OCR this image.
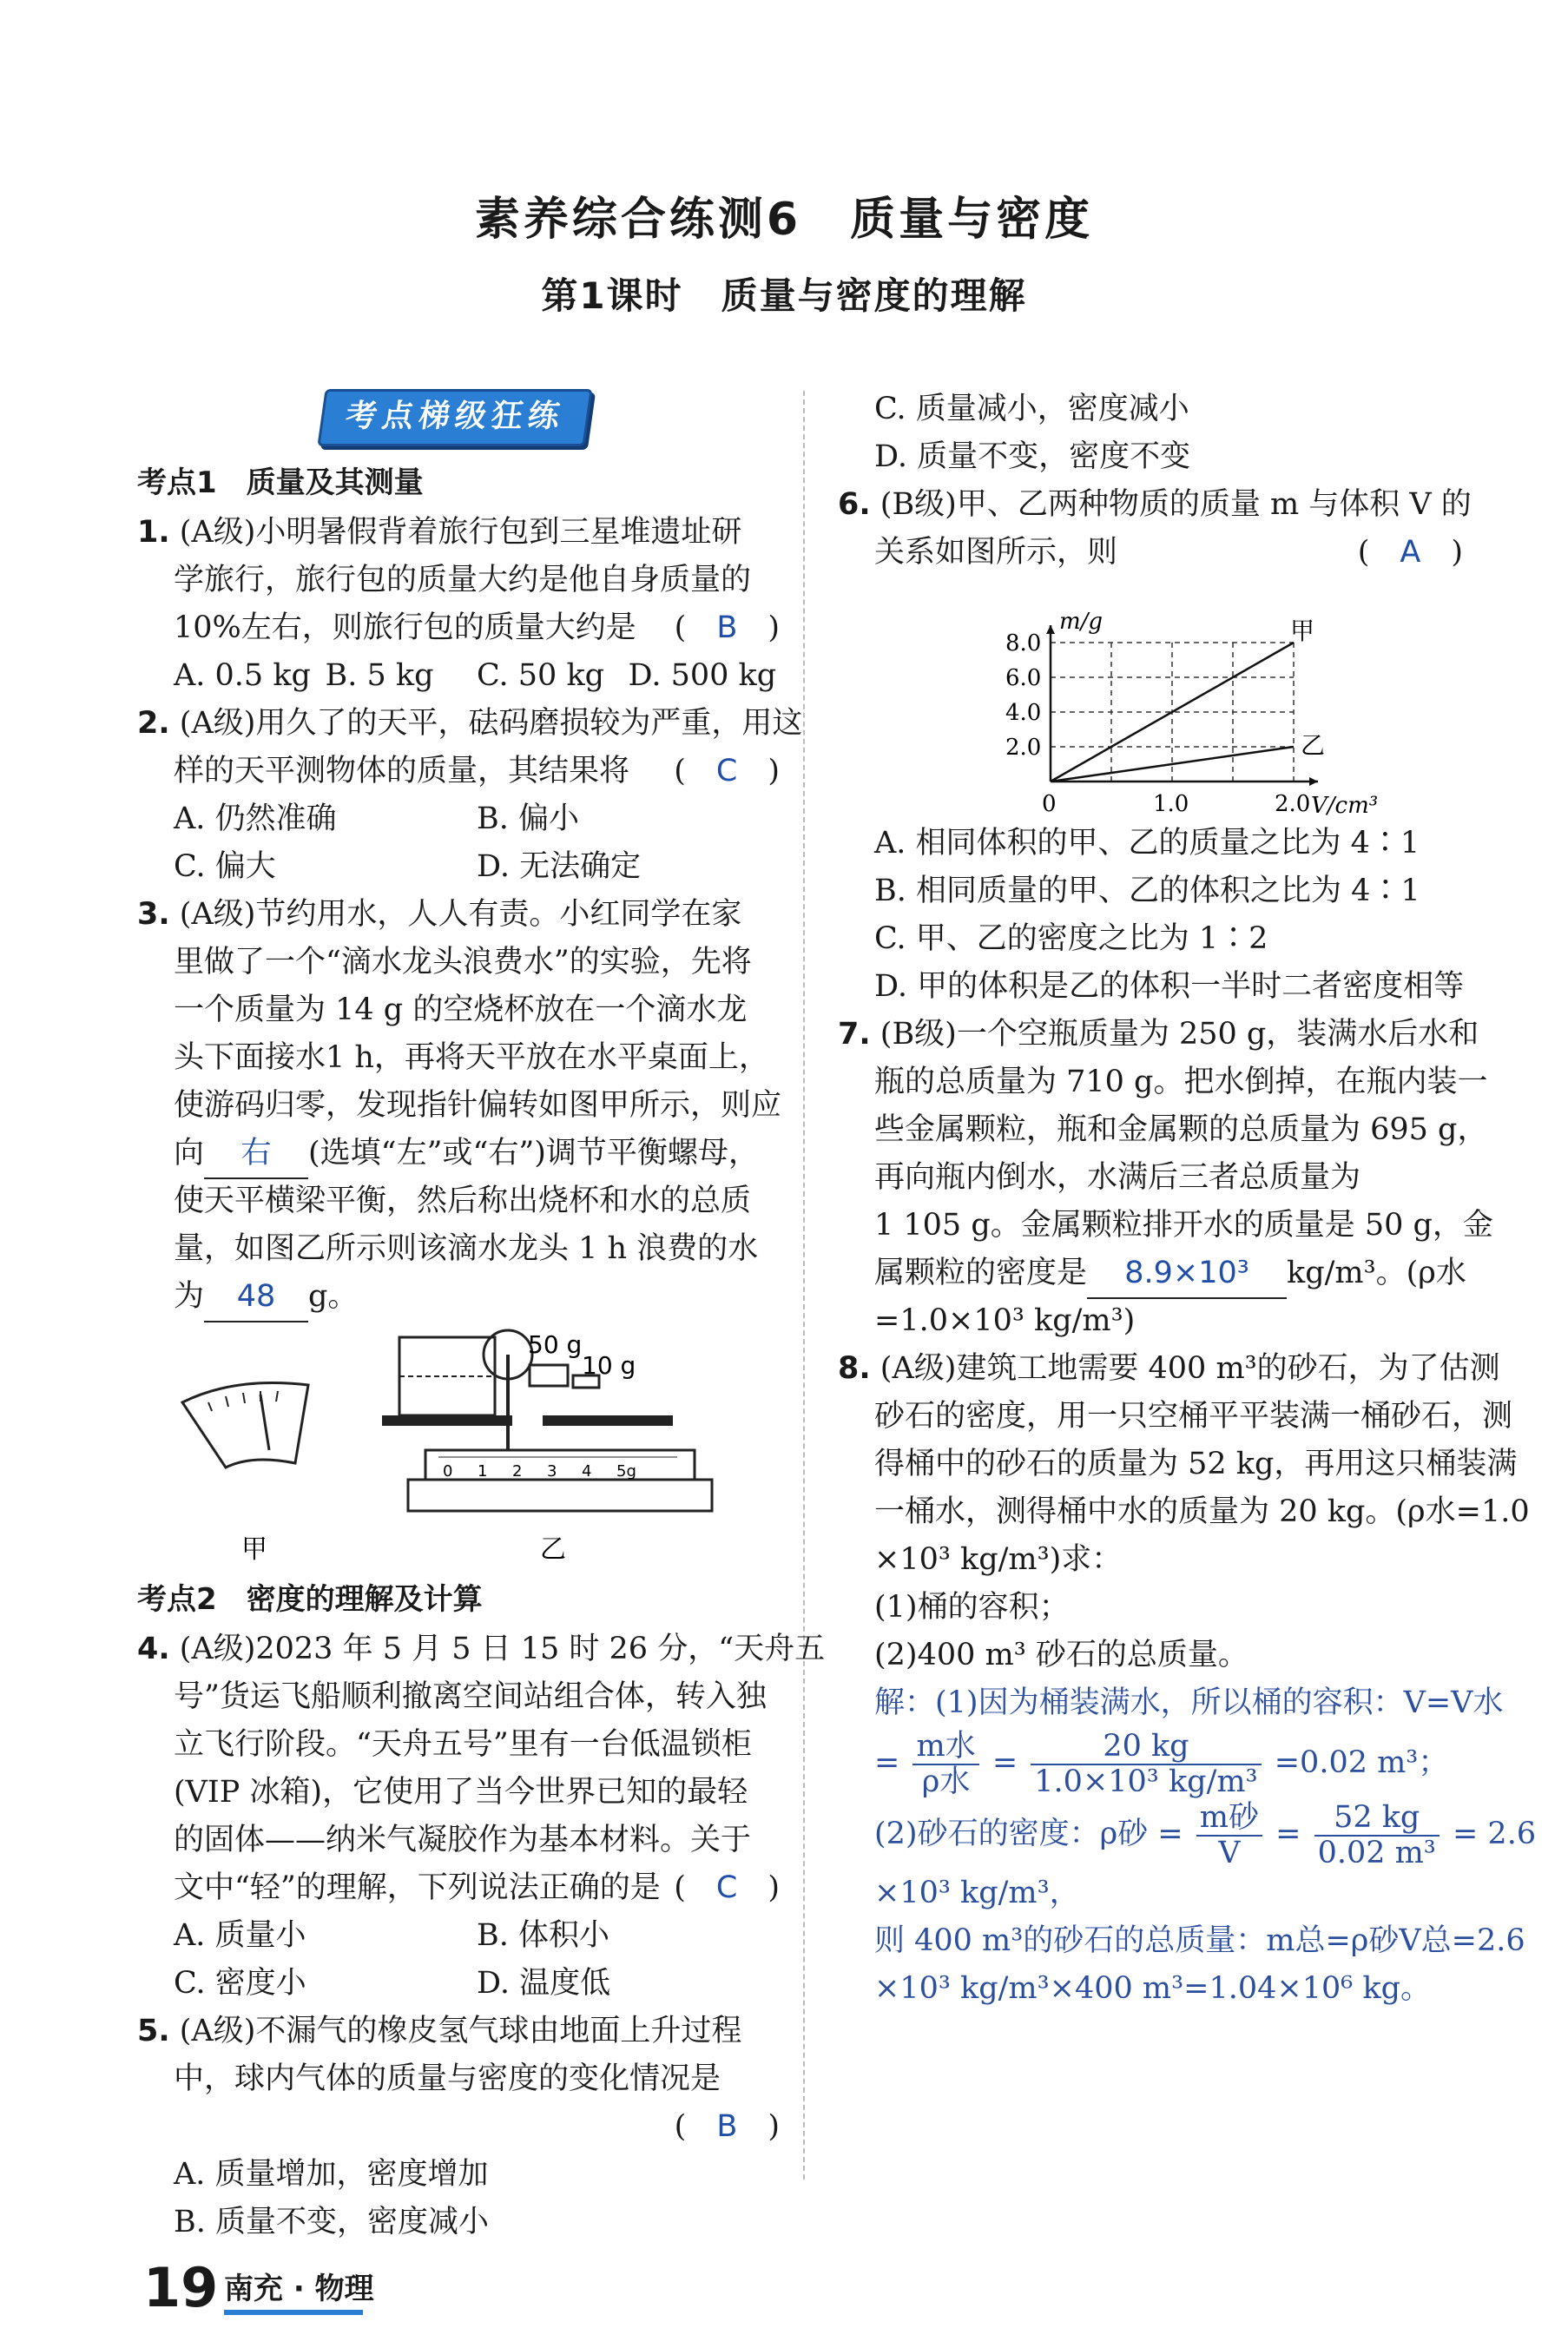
素养综合练测6　质量与密度
第1课时　质量与密度的理解
考点梯级狂练
考点1　质量及其测量
1. (A级)小明暑假背着旅行包到三星堆遗址研
学旅行，旅行包的质量大约是他自身质量的
10%左右，则旅行包的质量大约是 (　B　)
A. 0.5 kg B. 5 kg	C. 50 kg D. 500 kg
2. (A级)用久了的天平，砝码磨损较为严重，用这
样的天平测物体的质量，其结果将 (　C　)
A. 仍然准确	B. 偏小
C. 偏大	D. 无法确定
3. (A级)节约用水，人人有责。小红同学在家
里做了一个“滴水龙头浪费水”的实验，先将
一个质量为 14 g 的空烧杯放在一个滴水龙
头下面接水1 h，再将天平放在水平桌面上，
使游码归零，发现指针偏转如图甲所示，则应
向 右 (选填“左”或“右”)调节平衡螺母，
使天平横梁平衡，然后称出烧杯和水的总质
量，如图乙所示则该滴水龙头 1 h 浪费的水
为 48 g。
甲
0 1 2 3 4 5g
50 g
10 g
乙
考点2　密度的理解及计算
4. (A级)2023 年 5 月 5 日 15 时 26 分，“天舟五
号”货运飞船顺利撤离空间站组合体，转入独
立飞行阶段。“天舟五号”里有一台低温锁柜
(VIP 冰箱)，它使用了当今世界已知的最轻
的固体——纳米气凝胶作为基本材料。关于
文中“轻”的理解，下列说法正确的是 (　C　)
A. 质量小	B. 体积小
C. 密度小	D. 温度低
5. (A级)不漏气的橡皮氢气球由地面上升过程
中，球内气体的质量与密度的变化情况是
(　B　)
A. 质量增加，密度增加
B. 质量不变，密度减小
C. 质量减小，密度减小
D. 质量不变，密度不变
6. (B级)甲、乙两种物质的质量 m 与体积 V 的
关系如图所示，则	(　A　)
2.0
4.0
6.0
8.0
1.0	2.0
0
m/g
V/cm³
甲
乙
A. 相同体积的甲、乙的质量之比为 4∶1
B. 相同质量的甲、乙的体积之比为 4∶1
C. 甲、乙的密度之比为 1∶2
D. 甲的体积是乙的体积一半时二者密度相等
7. (B级)一个空瓶质量为 250 g，装满水后水和
瓶的总质量为 710 g。把水倒掉，在瓶内装一
些金属颗粒，瓶和金属颗的总质量为 695 g，
再向瓶内倒水，水满后三者总质量为
1 105 g。金属颗粒排开水的质量是 50 g，金
属颗粒的密度是 8.9×10³ kg/m³。(ρ水
=1.0×10³ kg/m³)
8. (A级)建筑工地需要 400 m³的砂石，为了估测
砂石的密度，用一只空桶平平装满一桶砂石，测
得桶中的砂石的质量为 52 kg，再用这只桶装满
一桶水，测得桶中水的质量为 20 kg。(ρ水=1.0
×10³ kg/m³)求：
(1)桶的容积；
(2)400 m³ 砂石的总质量。
解：(1)因为桶装满水，所以桶的容积：V=V水
= $\frac{\text{m水}}{\text{ρ水}} = \frac{20 kg}{\text{1.0×10³ kg/m³}} =0.02$ m³；
(2)砂石的密度：ρ砂 = $\frac{\text{m砂}}{V} = \frac{52 kg}{\text{0.02 m³}} = 2.6$
×10³ kg/m³，
则 400 m³的砂石的总质量：m总=ρ砂V总=2.6
×10³ kg/m³×400 m³=1.04×10⁶ kg。
19 南充 · 物理
